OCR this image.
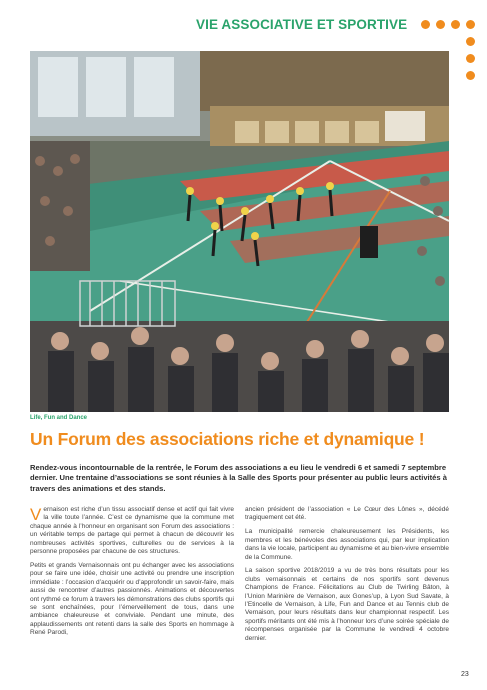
VIE ASSOCIATIVE ET SPORTIVE
Life, Fun and Dance
Un Forum des associations riche et dynamique !

Rendez-vous incontournable de la rentrée, le Forum des associations a eu lieu le vendredi 6 et samedi 7 septembre dernier. Une trentaine d’associations se sont réunies à la Salle des Sports pour présenter au public leurs activités à travers des animations et des stands.

Vernaison est riche d’un tissu associatif dense et actif qui fait vivre la ville toute l’année. C’est ce dynamisme que la commune met chaque année à l’honneur en organisant son Forum des associations : un véritable temps de partage qui permet à chacun de découvrir les nombreuses activités sportives, culturelles ou de services à la personne proposées par chacune de ces structures.

Petits et grands Vernaisonnais ont pu échanger avec les associations pour se faire une idée, choisir une activité ou prendre une inscription immédiate : l’occasion d’acquérir ou d’approfondir un savoir-faire, mais aussi de rencontrer d’autres passionnés. Animations et découvertes ont rythmé ce forum à travers les démonstrations des clubs sportifs qui se sont enchaînées, pour l’émerveillement de tous, dans une ambiance chaleureuse et conviviale. Pendant une minute, des applaudissements ont retenti dans la salle des Sports en hommage à René Parodi,

ancien président de l’association « Le Cœur des Lônes », décédé tragiquement cet été.

La municipalité remercie chaleureusement les Présidents, les membres et les bénévoles des associations qui, par leur implication dans la vie locale, participent au dynamisme et au bien-vivre ensemble de la Commune.

La saison sportive 2018/2019 a vu de très bons résultats pour les clubs vernaisonnais et certains de nos sportifs sont devenus Champions de France. Félicitations au Club de Twirling Bâton, à l’Union Marinière de Vernaison, aux Gones’up, à Lyon Sud Savate, à l’Etincelle de Vernaison, à Life, Fun and Dance et au Tennis club de Vernaison, pour leurs résultats dans leur championnat respectif. Les sportifs méritants ont été mis à l’honneur lors d’une soirée spéciale de récompenses organisée par la Commune le vendredi 4 octobre dernier.

23
